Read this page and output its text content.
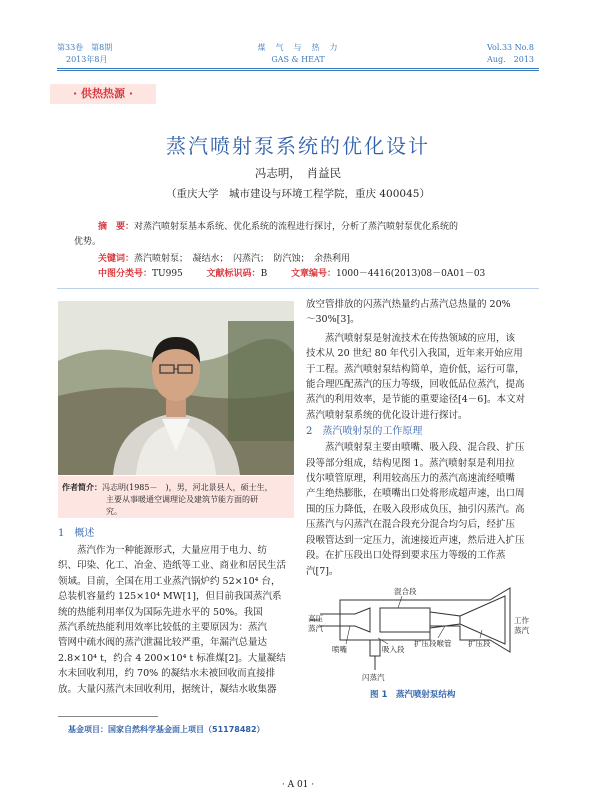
第33卷　第8期
2013年8月
煤　气　与　热　力
GAS & HEAT
Vol.33 No.8
Aug.　2013
· 供热热源 ·
蒸汽喷射泵系统的优化设计
冯志明，　肖益民
（重庆大学　城市建设与环境工程学院，重庆 400045）
摘　要：对蒸汽喷射泵基本系统、优化系统的流程进行探讨，分析了蒸汽喷射泵优化系统的
优势。
关键词：蒸汽喷射泵；　凝结水；　闪蒸汽；　防汽蚀；　余热利用
中图分类号：TU995	文献标识码：B	文章编号：1000－4416(2013)08－0A01－03
作者简介：冯志明(1985－　)，男，河北景县人，硕士生，
主要从事暖通空调理论及建筑节能方面的研
究。
1　概述

蒸汽作为一种能源形式，大量应用于电力、纺

织、印染、化工、冶金、造纸等工业、商业和居民生活

领域。目前，全国在用工业蒸汽锅炉约 52×10⁴ 台，

总装机容量约 125×10⁴ MW[1]，但目前我国蒸汽系

统的热能利用率仅为国际先进水平的 50%。我国

蒸汽系统热能利用效率比较低的主要原因为：蒸汽

管网中疏水阀的蒸汽泄漏比较严重，年漏汽总量达

2.8×10⁴ t，约合 4 200×10⁴ t 标准煤[2]。大量凝结

水未回收利用，约 70% 的凝结水未被回收而直接排

放。大量闪蒸汽未回收利用，据统计，凝结水收集器

放空管排放的闪蒸汽热量约占蒸汽总热量的 20%

～30%[3]。

蒸汽喷射泵是射流技术在传热领域的应用，该

技术从 20 世纪 80 年代引入我国，近年来开始应用

于工程。蒸汽喷射泵结构简单，造价低，运行可靠，

能合理匹配蒸汽的压力等级，回收低品位蒸汽，提高

蒸汽的利用效率，是节能的重要途径[4－6]。本文对

蒸汽喷射泵系统的优化设计进行探讨。

2　蒸汽喷射泵的工作原理

蒸汽喷射泵主要由喷嘴、吸入段、混合段、扩压

段等部分组成，结构见图 1。蒸汽喷射泵是利用拉

伐尔喷管原理，利用较高压力的蒸汽高速流经喷嘴

产生绝热膨胀，在喷嘴出口处将形成超声速，出口周

围的压力降低，在吸入段形成负压，抽引闪蒸汽。高

压蒸汽与闪蒸汽在混合段充分混合均匀后，经扩压

段喉管达到一定压力，流速接近声速，然后进入扩压

段。在扩压段出口处得到要求压力等级的工作蒸

汽[7]。

高压
蒸汽
混合段
喷嘴	吸入段
扩压段喉管 扩压段
工作
蒸汽
闪蒸汽
图 1　蒸汽喷射泵结构
基金项目：国家自然科学基金面上项目（51178482）
· A 01 ·
